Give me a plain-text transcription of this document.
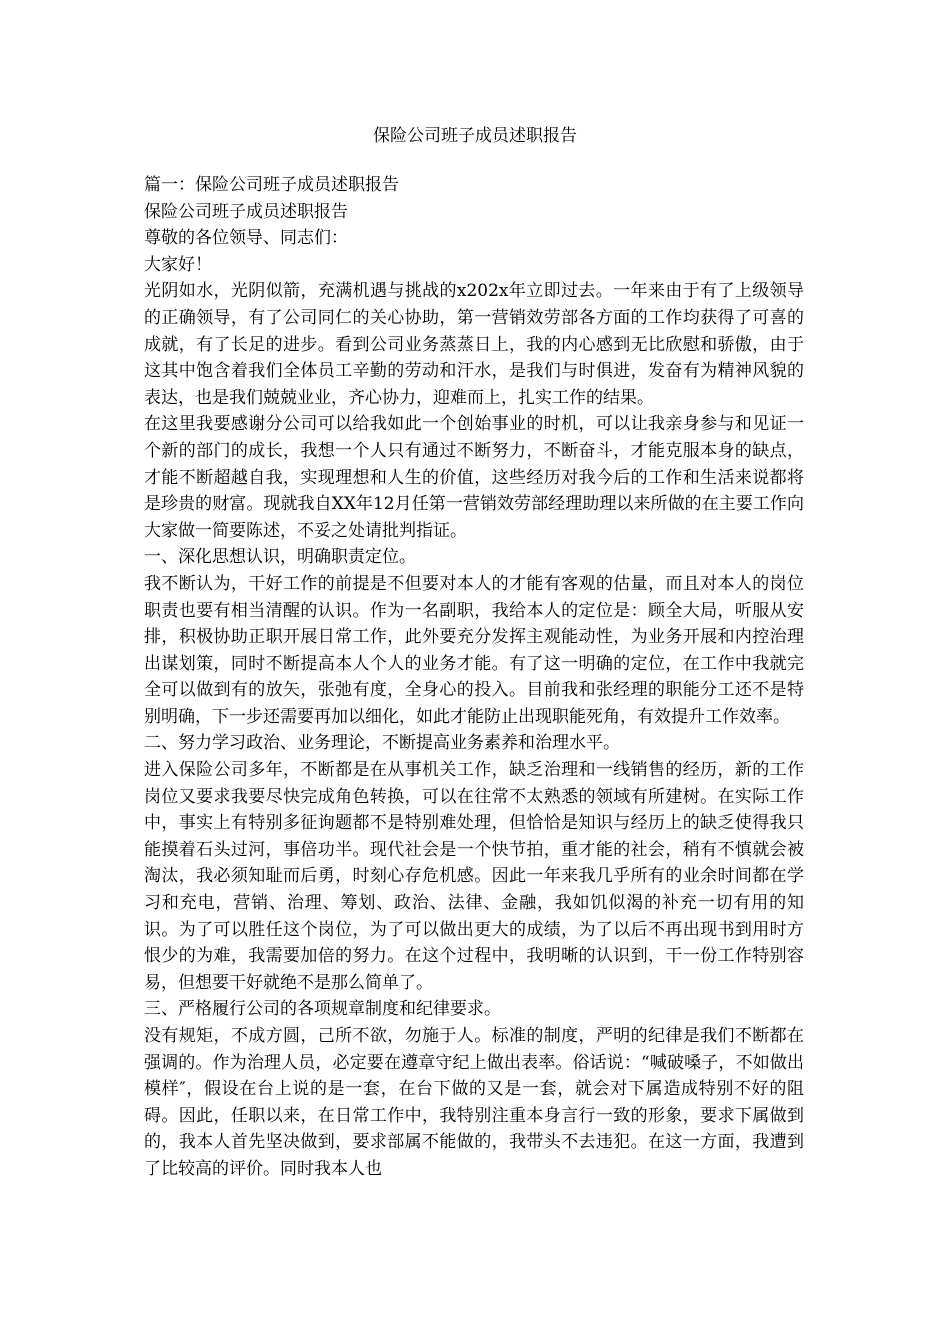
保险公司班子成员述职报告

篇一：保险公司班子成员述职报告

保险公司班子成员述职报告

尊敬的各位领导、同志们：

大家好！

光阴如水，光阴似箭，充满机遇与挑战的x202x年立即过去。一年来由于有了上级领导的正确领导，有了公司同仁的关心协助，第一营销效劳部各方面的工作均获得了可喜的成就，有了长足的进步。看到公司业务蒸蒸日上，我的内心感到无比欣慰和骄傲，由于这其中饱含着我们全体员工辛勤的劳动和汗水，是我们与时俱进，发奋有为精神风貌的表达，也是我们兢兢业业，齐心协力，迎难而上，扎实工作的结果。

在这里我要感谢分公司可以给我如此一个创始事业的时机，可以让我亲身参与和见证一个新的部门的成长，我想一个人只有通过不断努力，不断奋斗，才能克服本身的缺点，才能不断超越自我，实现理想和人生的价值，这些经历对我今后的工作和生活来说都将是珍贵的财富。现就我自XX年12月任第一营销效劳部经理助理以来所做的在主要工作向大家做一简要陈述，不妥之处请批判指证。

一、深化思想认识，明确职责定位。

我不断认为，干好工作的前提是不但要对本人的才能有客观的估量，而且对本人的岗位职责也要有相当清醒的认识。作为一名副职，我给本人的定位是：顾全大局，听服从安排，积极协助正职开展日常工作，此外要充分发挥主观能动性，为业务开展和内控治理出谋划策，同时不断提高本人个人的业务才能。有了这一明确的定位，在工作中我就完全可以做到有的放矢，张弛有度，全身心的投入。目前我和张经理的职能分工还不是特别明确，下一步还需要再加以细化，如此才能防止出现职能死角，有效提升工作效率。

二、努力学习政治、业务理论，不断提高业务素养和治理水平。

进入保险公司多年，不断都是在从事机关工作，缺乏治理和一线销售的经历，新的工作岗位又要求我要尽快完成角色转换，可以在往常不太熟悉的领域有所建树。在实际工作中，事实上有特别多征询题都不是特别难处理，但恰恰是知识与经历上的缺乏使得我只能摸着石头过河，事倍功半。现代社会是一个快节拍，重才能的社会，稍有不慎就会被淘汰，我必须知耻而后勇，时刻心存危机感。因此一年来我几乎所有的业余时间都在学习和充电，营销、治理、筹划、政治、法律、金融，我如饥似渴的补充一切有用的知识。为了可以胜任这个岗位，为了可以做出更大的成绩，为了以后不再出现书到用时方恨少的为难，我需要加倍的努力。在这个过程中，我明晰的认识到，干一份工作特别容易，但想要干好就绝不是那么简单了。

三、严格履行公司的各项规章制度和纪律要求。

没有规矩，不成方圆，己所不欲，勿施于人。标准的制度，严明的纪律是我们不断都在强调的。作为治理人员，必定要在遵章守纪上做出表率。俗话说：“喊破嗓子，不如做出模样″，假设在台上说的是一套，在台下做的又是一套，就会对下属造成特别不好的阻碍。因此，任职以来，在日常工作中，我特别注重本身言行一致的形象，要求下属做到的，我本人首先坚决做到，要求部属不能做的，我带头不去违犯。在这一方面，我遭到了比较高的评价。同时我本人也
